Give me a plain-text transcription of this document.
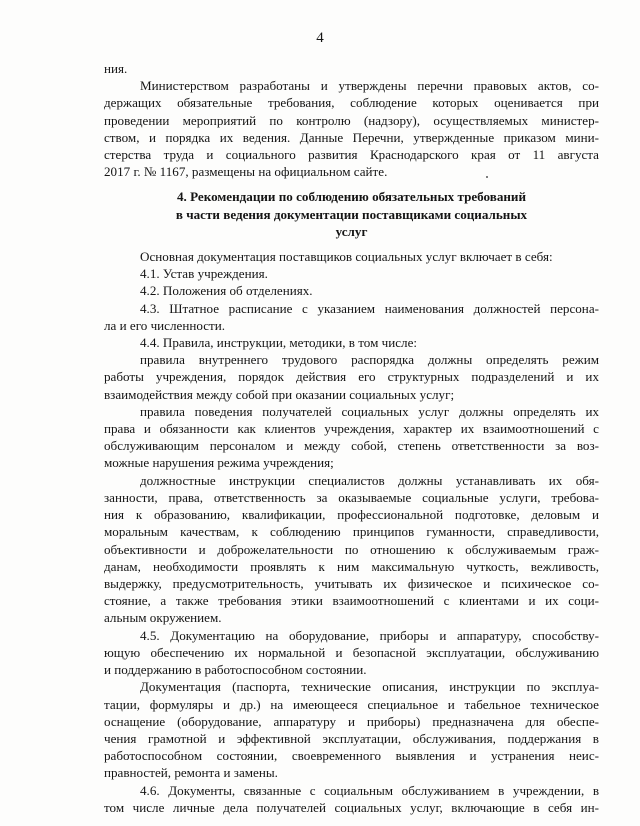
4
ния.
Министерством разработаны и утверждены перечни правовых актов, со-
держащих обязательные требования, соблюдение которых оценивается при
проведении мероприятий по контролю (надзору), осуществляемых министер-
ством, и порядка их ведения. Данные Перечни, утвержденные приказом мини-
стерства труда и социального развития Краснодарского края от 11 августа
2017 г. № 1167, размещены на официальном сайте.
4. Рекомендации по соблюдению обязательных требований
в части ведения документации поставщиками социальных
услуг
Основная документация поставщиков социальных услуг включает в себя:
4.1. Устав учреждения.
4.2. Положения об отделениях.
4.3. Штатное расписание с указанием наименования должностей персона-
ла и его численности.
4.4. Правила, инструкции, методики, в том числе:
правила внутреннего трудового распорядка должны определять режим
работы учреждения, порядок действия его структурных подразделений и их
взаимодействия между собой при оказании социальных услуг;
правила поведения получателей социальных услуг должны определять их
права и обязанности как клиентов учреждения, характер их взаимоотношений с
обслуживающим персоналом и между собой, степень ответственности за воз-
можные нарушения режима учреждения;
должностные инструкции специалистов должны устанавливать их обя-
занности, права, ответственность за оказываемые социальные услуги, требова-
ния к образованию, квалификации, профессиональной подготовке, деловым и
моральным качествам, к соблюдению принципов гуманности, справедливости,
объективности и доброжелательности по отношению к обслуживаемым граж-
данам, необходимости проявлять к ним максимальную чуткость, вежливость,
выдержку, предусмотрительность, учитывать их физическое и психическое со-
стояние, а также требования этики взаимоотношений с клиентами и их соци-
альным окружением.
4.5. Документацию на оборудование, приборы и аппаратуру, способству-
ющую обеспечению их нормальной и безопасной эксплуатации, обслуживанию
и поддержанию в работоспособном состоянии.
Документация (паспорта, технические описания, инструкции по эксплуа-
тации, формуляры и др.) на имеющееся специальное и табельное техническое
оснащение (оборудование, аппаратуру и приборы) предназначена для обеспе-
чения грамотной и эффективной эксплуатации, обслуживания, поддержания в
работоспособном состоянии, своевременного выявления и устранения неис-
правностей, ремонта и замены.
4.6. Документы, связанные с социальным обслуживанием в учреждении, в
том числе личные дела получателей социальных услуг, включающие в себя ин-
